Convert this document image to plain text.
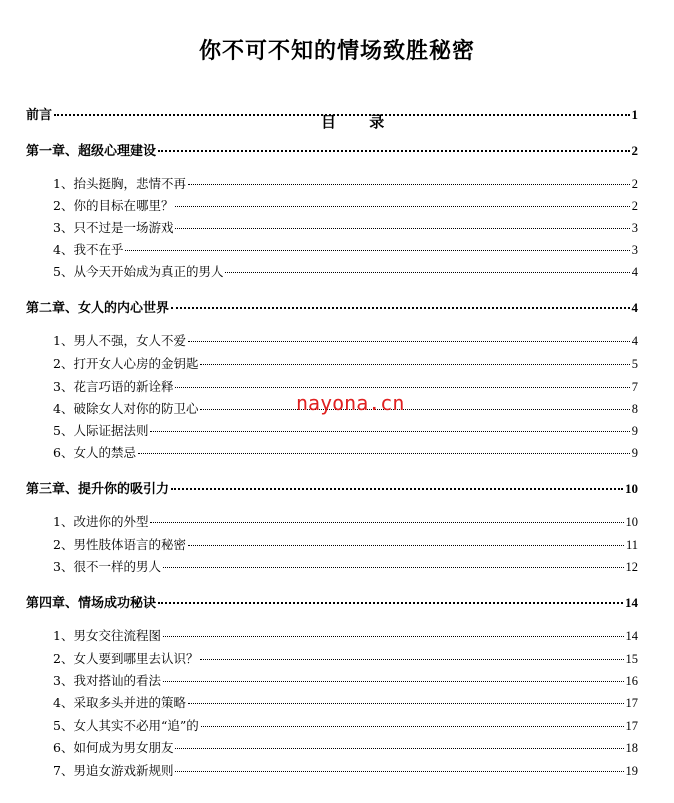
你不可不知的情场致胜秘密
目 录
前言	1
第一章、超级心理建设	2
1、抬头挺胸，悲情不再	2
2、你的目标在哪里？	2
3、只不过是一场游戏	3
4、我不在乎	3
5、从今天开始成为真正的男人	4
第二章、女人的内心世界	4
1、男人不强，女人不爱	4
2、打开女人心房的金钥匙	5
3、花言巧语的新诠释	7
4、破除女人对你的防卫心	8
5、人际证据法则	9
6、女人的禁忌	9
第三章、提升你的吸引力	10
1、改进你的外型	10
2、男性肢体语言的秘密	11
3、很不一样的男人	12
第四章、情场成功秘诀	14
1、男女交往流程图	14
2、女人要到哪里去认识？	15
3、我对搭讪的看法	16
4、采取多头并进的策略	17
5、女人其实不必用“追”的	17
6、如何成为男女朋友	18
7、男追女游戏新规则	19
nayona.cn
